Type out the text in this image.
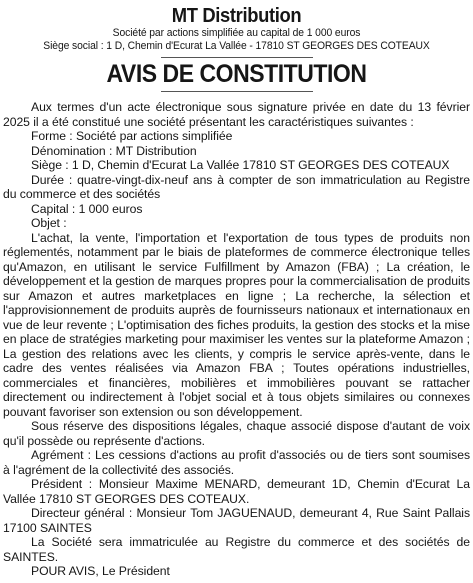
MT Distribution
Société par actions simplifiée au capital de 1 000 euros
Siège social : 1 D, Chemin d'Ecurat La Vallée - 17810 ST GEORGES DES COTEAUX
AVIS DE CONSTITUTION

Aux termes d'un acte électronique sous signature privée en date du 13 février 2025 il a été constitué une société présentant les caractéristiques suivantes :

Forme : Société par actions simplifiée

Dénomination : MT Distribution

Siège : 1 D, Chemin d'Ecurat La Vallée 17810 ST GEORGES DES COTEAUX

Durée : quatre-vingt-dix-neuf ans à compter de son immatriculation au Registre du commerce et des sociétés

Capital : 1 000 euros

Objet :

L'achat, la vente, l'importation et l'exportation de tous types de produits non réglementés, notamment par le biais de plateformes de commerce électronique telles qu'Amazon, en utilisant le service Fulfillment by Amazon (FBA) ; La création, le développement et la gestion de marques propres pour la commercialisation de produits sur Amazon et autres marketplaces en ligne ; La recherche, la sélection et l'approvisionnement de produits auprès de fournisseurs nationaux et internationaux en vue de leur revente ; L'optimisation des fiches produits, la gestion des stocks et la mise en place de stratégies marketing pour maximiser les ventes sur la plateforme Amazon ; La gestion des relations avec les clients, y compris le service après-vente, dans le cadre des ventes réalisées via Amazon FBA ; Toutes opérations industrielles, commerciales et financières, mobilières et immobilières pouvant se rattacher directement ou indirectement à l'objet social et à tous objets similaires ou connexes pouvant favoriser son extension ou son développement.

Sous réserve des dispositions légales, chaque associé dispose d'autant de voix qu'il possède ou représente d'actions.

Agrément : Les cessions d'actions au profit d'associés ou de tiers sont soumises à l'agrément de la collectivité des associés.

Président : Monsieur Maxime MENARD, demeurant 1D, Chemin d'Ecurat La Vallée 17810 ST GEORGES DES COTEAUX.

Directeur général : Monsieur Tom JAGUENAUD, demeurant 4, Rue Saint Pallais 17100 SAINTES

La Société sera immatriculée au Registre du commerce et des sociétés de SAINTES.

POUR AVIS, Le Président
